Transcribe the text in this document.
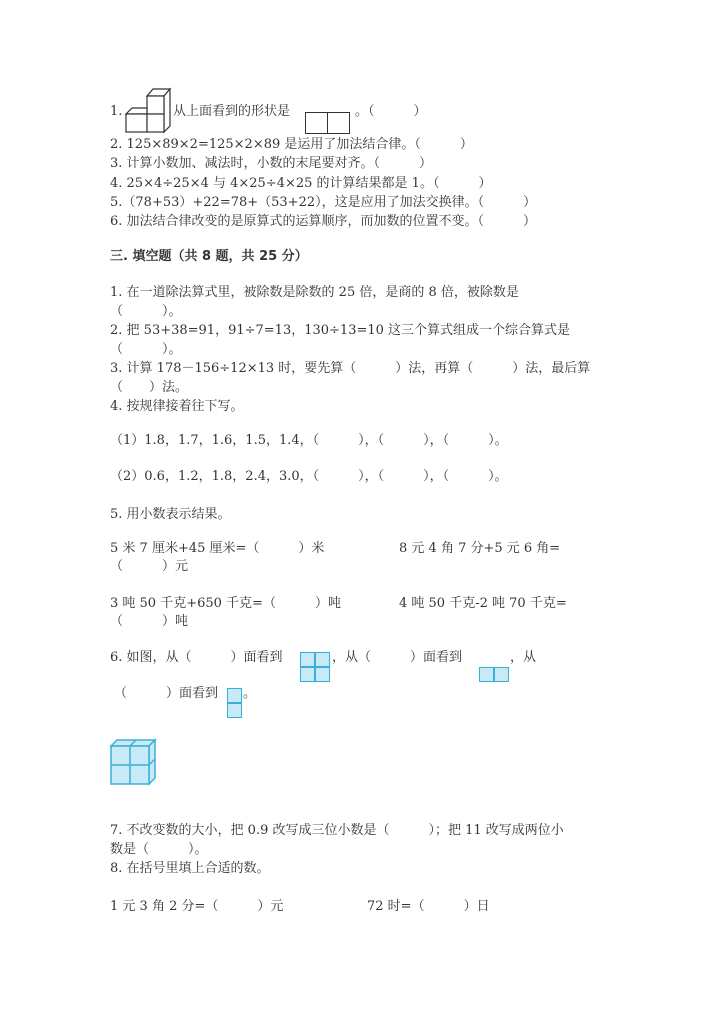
1.	从上面看到的形状是	。（　　　）
2. 125×89×2=125×2×89 是运用了加法结合律。（　　　）
3. 计算小数加、减法时，小数的末尾要对齐。（　　　）
4. 25×4÷25×4 与 4×25÷4×25 的计算结果都是 1。（　　　）
5.（78+53）+22=78+（53+22），这是应用了加法交换律。（　　　）
6. 加法结合律改变的是原算式的运算顺序，而加数的位置不变。（　　　）
三. 填空题（共 8 题，共 25 分）
1. 在一道除法算式里，被除数是除数的 25 倍，是商的 8 倍，被除数是
（　　　）。
2. 把 53+38=91，91÷7=13，130÷13=10 这三个算式组成一个综合算式是
（　　　）。
3. 计算 178－156÷12×13 时，要先算（　　　）法，再算（　　　）法，最后算
（　　）法。
4. 按规律接着往下写。
（1）1.8，1.7，1.6，1.5，1.4，（　　　），（　　　），（　　　）。
（2）0.6，1.2，1.8，2.4，3.0，（　　　），（　　　），（　　　）。
5. 用小数表示结果。
5 米 7 厘米+45 厘米=（　　　）米	8 元 4 角 7 分+5 元 6 角=
（　　　）元
3 吨 50 千克+650 千克=（　　　）吨	4 吨 50 千克-2 吨 70 千克=
（　　　）吨
6. 如图，从（　　　）面看到	，从（　　　）面看到	，从
（　　　）面看到 。
7. 不改变数的大小，把 0.9 改写成三位小数是（　　　）；把 11 改写成两位小
数是（　　　）。
8. 在括号里填上合适的数。
1 元 3 角 2 分=（　　　）元	72 时=（　　　）日
